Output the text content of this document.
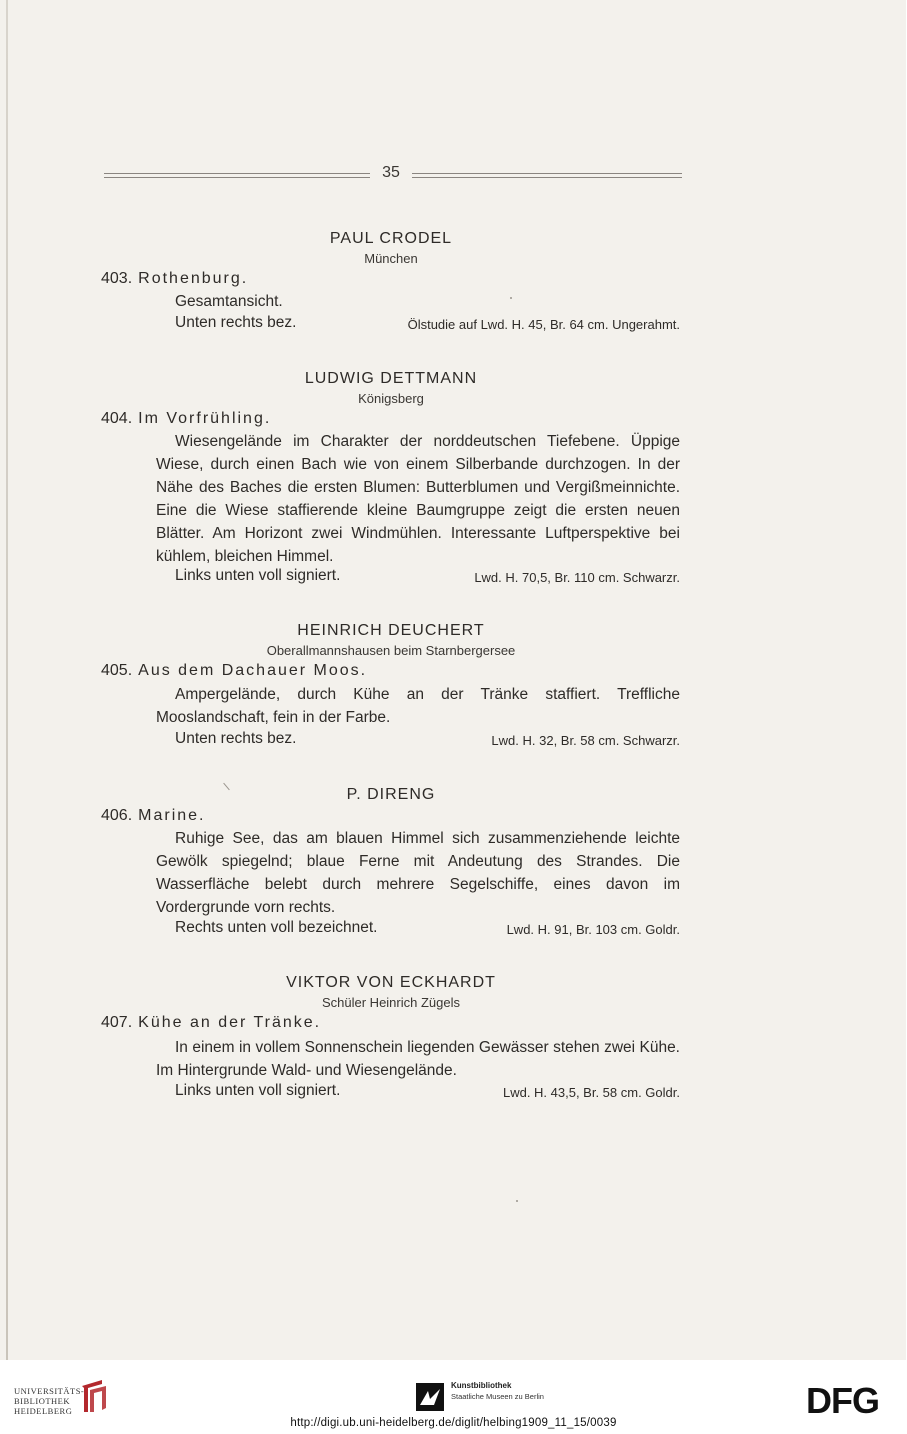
35
PAUL CRODEL
München
403. Rothenburg.

Gesamtansicht.

Unten rechts bez.	Ölstudie auf Lwd. H. 45, Br. 64 cm. Ungerahmt.
LUDWIG DETTMANN
Königsberg
404. Im Vorfrühling.

Wiesengelände im Charakter der norddeutschen Tiefebene. Üppige Wiese, durch einen Bach wie von einem Silberbande durchzogen. In der Nähe des Baches die ersten Blumen: Butterblumen und Vergißmeinnichte. Eine die Wiese staffierende kleine Baumgruppe zeigt die ersten neuen Blätter. Am Horizont zwei Windmühlen. Interessante Luftperspektive bei kühlem, bleichen Himmel.

Links unten voll signiert.	Lwd. H. 70,5, Br. 110 cm. Schwarzr.
HEINRICH DEUCHERT
Oberallmannshausen beim Starnbergersee
405. Aus dem Dachauer Moos.

Ampergelände, durch Kühe an der Tränke staffiert. Treffliche Mooslandschaft, fein in der Farbe.

Unten rechts bez.	Lwd. H. 32, Br. 58 cm. Schwarzr.
P. DIRENG
406. Marine.

Ruhige See, das am blauen Himmel sich zusammenziehende leichte Gewölk spiegelnd; blaue Ferne mit Andeutung des Strandes. Die Wasserfläche belebt durch mehrere Segelschiffe, eines davon im Vordergrunde vorn rechts.

Rechts unten voll bezeichnet.	Lwd. H. 91, Br. 103 cm. Goldr.
VIKTOR VON ECKHARDT
Schüler Heinrich Zügels
407. Kühe an der Tränke.

In einem in vollem Sonnenschein liegenden Gewässer stehen zwei Kühe. Im Hintergrunde Wald- und Wiesengelände.

Links unten voll signiert.	Lwd. H. 43,5, Br. 58 cm. Goldr.
UNIVERSITÄTS-
BIBLIOTHEK
HEIDELBERG
Kunstbibliothek
Staatliche Museen zu Berlin	DFG
http://digi.ub.uni-heidelberg.de/diglit/helbing1909_11_15/0039
